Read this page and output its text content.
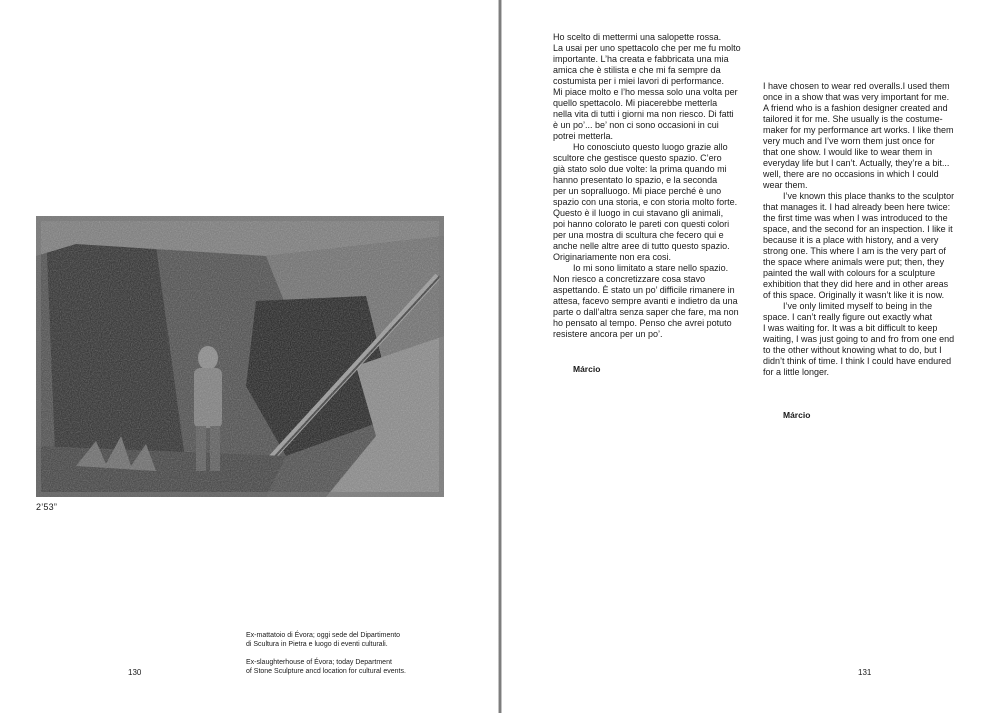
2’53”
Ex-mattatoio di Évora; oggi sede del Dipartimento
di Scultura in Pietra e luogo di eventi culturali.
Ex-slaughterhouse of Évora; today Department
of Stone Sculpture ancd location for cultural events.
130

Ho scelto di mettermi una salopette rossa.

La usai per uno spettacolo che per me fu molto

importante. L’ha creata e fabbricata una mia

amica che è stilista e che mi fa sempre da

costumista per i miei lavori di performance.

Mi piace molto e l’ho messa solo una volta per

quello spettacolo. Mi piacerebbe metterla

nella vita di tutti i giorni ma non riesco. Di fatti

è un po’... be’ non ci sono occasioni in cui

potrei metterla.

Ho conosciuto questo luogo grazie allo

scultore che gestisce questo spazio. C’ero

già stato solo due volte: la prima quando mi

hanno presentato lo spazio, e la seconda

per un sopralluogo. Mi piace perché è uno

spazio con una storia, e con storia molto forte.

Questo è il luogo in cui stavano gli animali,

poi hanno colorato le pareti con questi colori

per una mostra di scultura che fecero qui e

anche nelle altre aree di tutto questo spazio.

Originariamente non era cosi.

Io mi sono limitato a stare nello spazio.

Non riesco a concretizzare cosa stavo

aspettando. È stato un po’ difficile rimanere in

attesa, facevo sempre avanti e indietro da una

parte o dall’altra senza saper che fare, ma non

ho pensato al tempo. Penso che avrei potuto

resistere ancora per un po’.

Márcio

I have chosen to wear red overalls.I used them

once in a show that was very important for me.

A friend who is a fashion designer created and

tailored it for me. She usually is the costume-

maker for my performance art works. I like them

very much and I’ve worn them just once for

that one show. I would like to wear them in

everyday life but I can’t. Actually, they’re a bit...

well, there are no occasions in which I could

wear them.

I’ve known this place thanks to the sculptor

that manages it. I had already been here twice:

the first time was when I was introduced to the

space, and the second for an inspection. I like it

because it is a place with history, and a very

strong one. This where I am is the very part of

the space where animals were put; then, they

painted the wall with colours for a sculpture

exhibition that they did here and in other areas

of this space. Originally it wasn’t like it is now.

I’ve only limited myself to being in the

space. I can’t really figure out exactly what

I was waiting for. It was a bit difficult to keep

waiting, I was just going to and fro from one end

to the other without knowing what to do, but I

didn’t think of time. I think I could have endured

for a little longer.

Márcio
131
